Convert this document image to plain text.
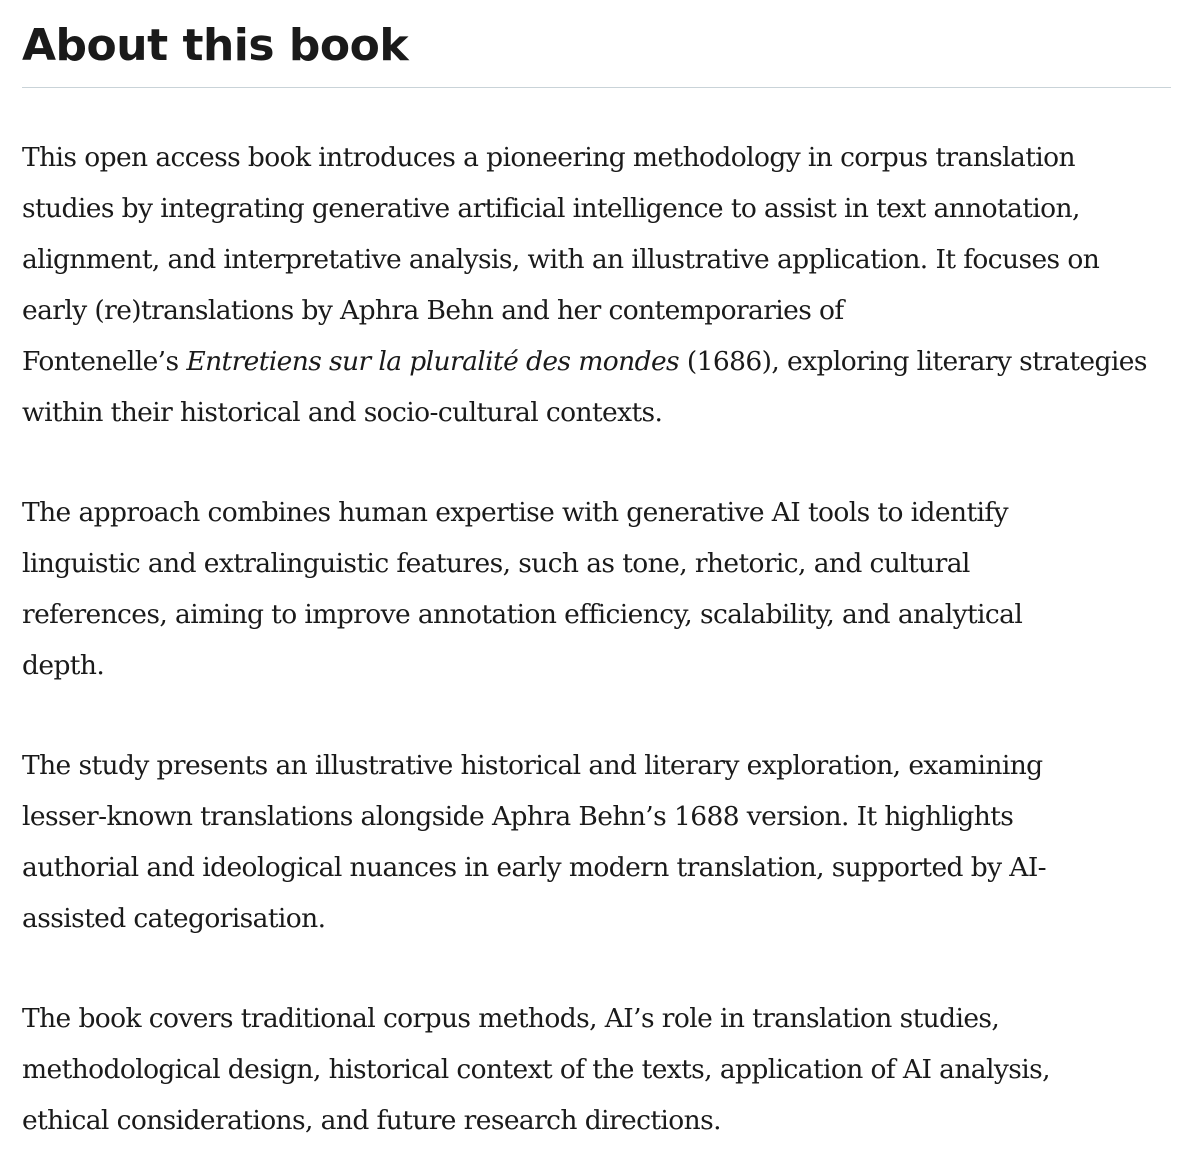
About this book

This open access book introduces a pioneering methodology in corpus translation
studies by integrating generative artificial intelligence to assist in text annotation,
alignment, and interpretative analysis, with an illustrative application. It focuses on
early (re)translations by Aphra Behn and her contemporaries of
Fontenelle’s Entretiens sur la pluralité des mondes (1686), exploring literary strategies
within their historical and socio-cultural contexts.

The approach combines human expertise with generative AI tools to identify
linguistic and extralinguistic features, such as tone, rhetoric, and cultural
references, aiming to improve annotation efficiency, scalability, and analytical
depth.

The study presents an illustrative historical and literary exploration, examining
lesser-known translations alongside Aphra Behn’s 1688 version. It highlights
authorial and ideological nuances in early modern translation, supported by AI-
assisted categorisation.

The book covers traditional corpus methods, AI’s role in translation studies,
methodological design, historical context of the texts, application of AI analysis,
ethical considerations, and future research directions.
